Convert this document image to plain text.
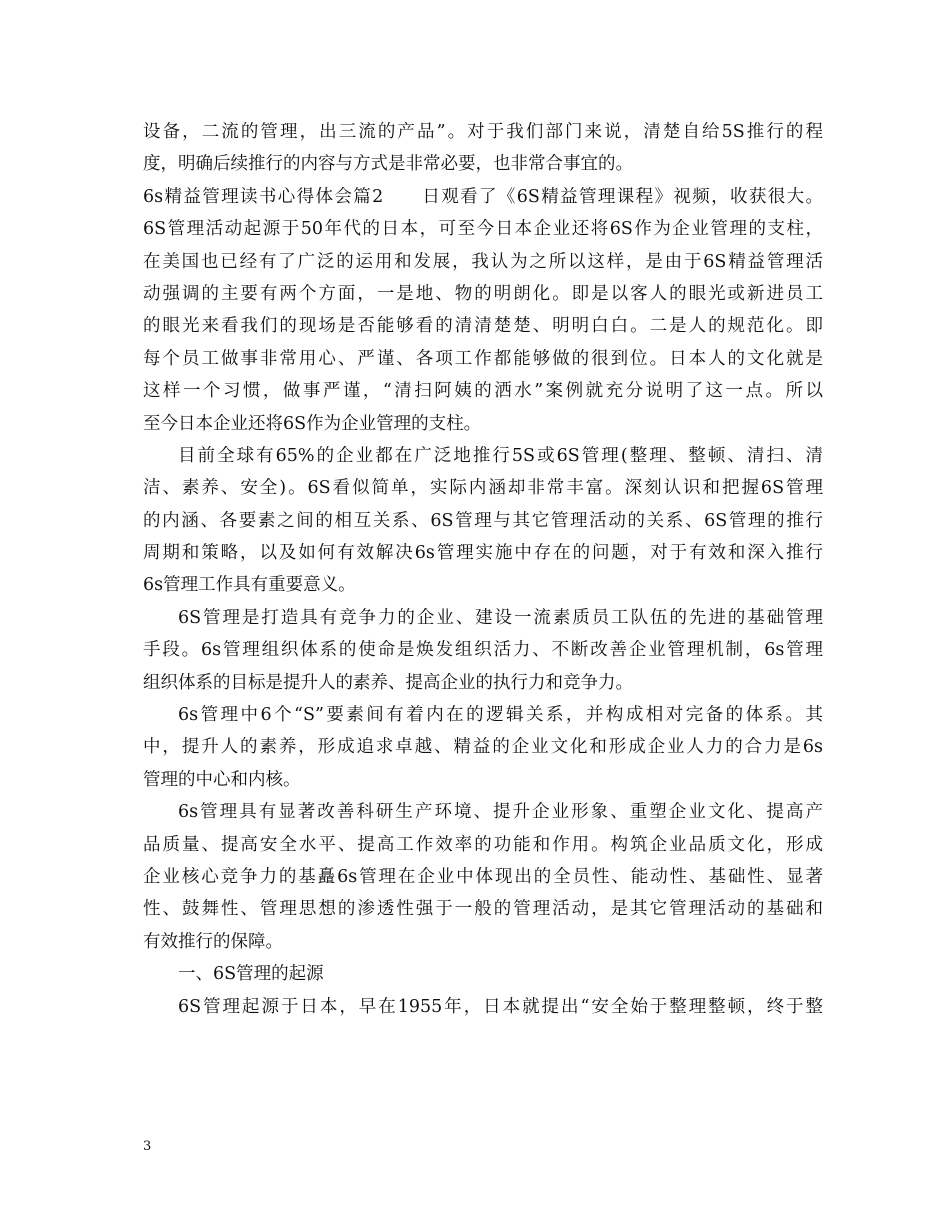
设备，二流的管理，出三流的产品”。对于我们部门来说，清楚自给5S推行的程
度，明确后续推行的内容与方式是非常必要，也非常合事宜的。
6s精益管理读书心得体会篇2　　日观看了《6S精益管理课程》视频，收获很大。
6S管理活动起源于50年代的日本，可至今日本企业还将6S作为企业管理的支柱，
在美国也已经有了广泛的运用和发展，我认为之所以这样，是由于6S精益管理活
动强调的主要有两个方面，一是地、物的明朗化。即是以客人的眼光或新进员工
的眼光来看我们的现场是否能够看的清清楚楚、明明白白。二是人的规范化。即
每个员工做事非常用心、严谨、各项工作都能够做的很到位。日本人的文化就是
这样一个习惯，做事严谨，“清扫阿姨的洒水”案例就充分说明了这一点。所以
至今日本企业还将6S作为企业管理的支柱。
目前全球有65%的企业都在广泛地推行5S或6S管理(整理、整顿、清扫、清
洁、素养、安全)。6S看似简单，实际内涵却非常丰富。深刻认识和把握6S管理
的内涵、各要素之间的相互关系、6S管理与其它管理活动的关系、6S管理的推行
周期和策略，以及如何有效解决6s管理实施中存在的问题，对于有效和深入推行
6s管理工作具有重要意义。
6S管理是打造具有竞争力的企业、建设一流素质员工队伍的先进的基础管理
手段。6s管理组织体系的使命是焕发组织活力、不断改善企业管理机制，6s管理
组织体系的目标是提升人的素养、提高企业的执行力和竞争力。
6s管理中6个“S”要素间有着内在的逻辑关系，并构成相对完备的体系。其
中，提升人的素养，形成追求卓越、精益的企业文化和形成企业人力的合力是6s
管理的中心和内核。
6s管理具有显著改善科研生产环境、提升企业形象、重塑企业文化、提高产
品质量、提高安全水平、提高工作效率的功能和作用。构筑企业品质文化，形成
企业核心竞争力的基矗6s管理在企业中体现出的全员性、能动性、基础性、显著
性、鼓舞性、管理思想的渗透性强于一般的管理活动，是其它管理活动的基础和
有效推行的保障。
一、6S管理的起源
6S管理起源于日本，早在1955年，日本就提出“安全始于整理整顿，终于整
3
